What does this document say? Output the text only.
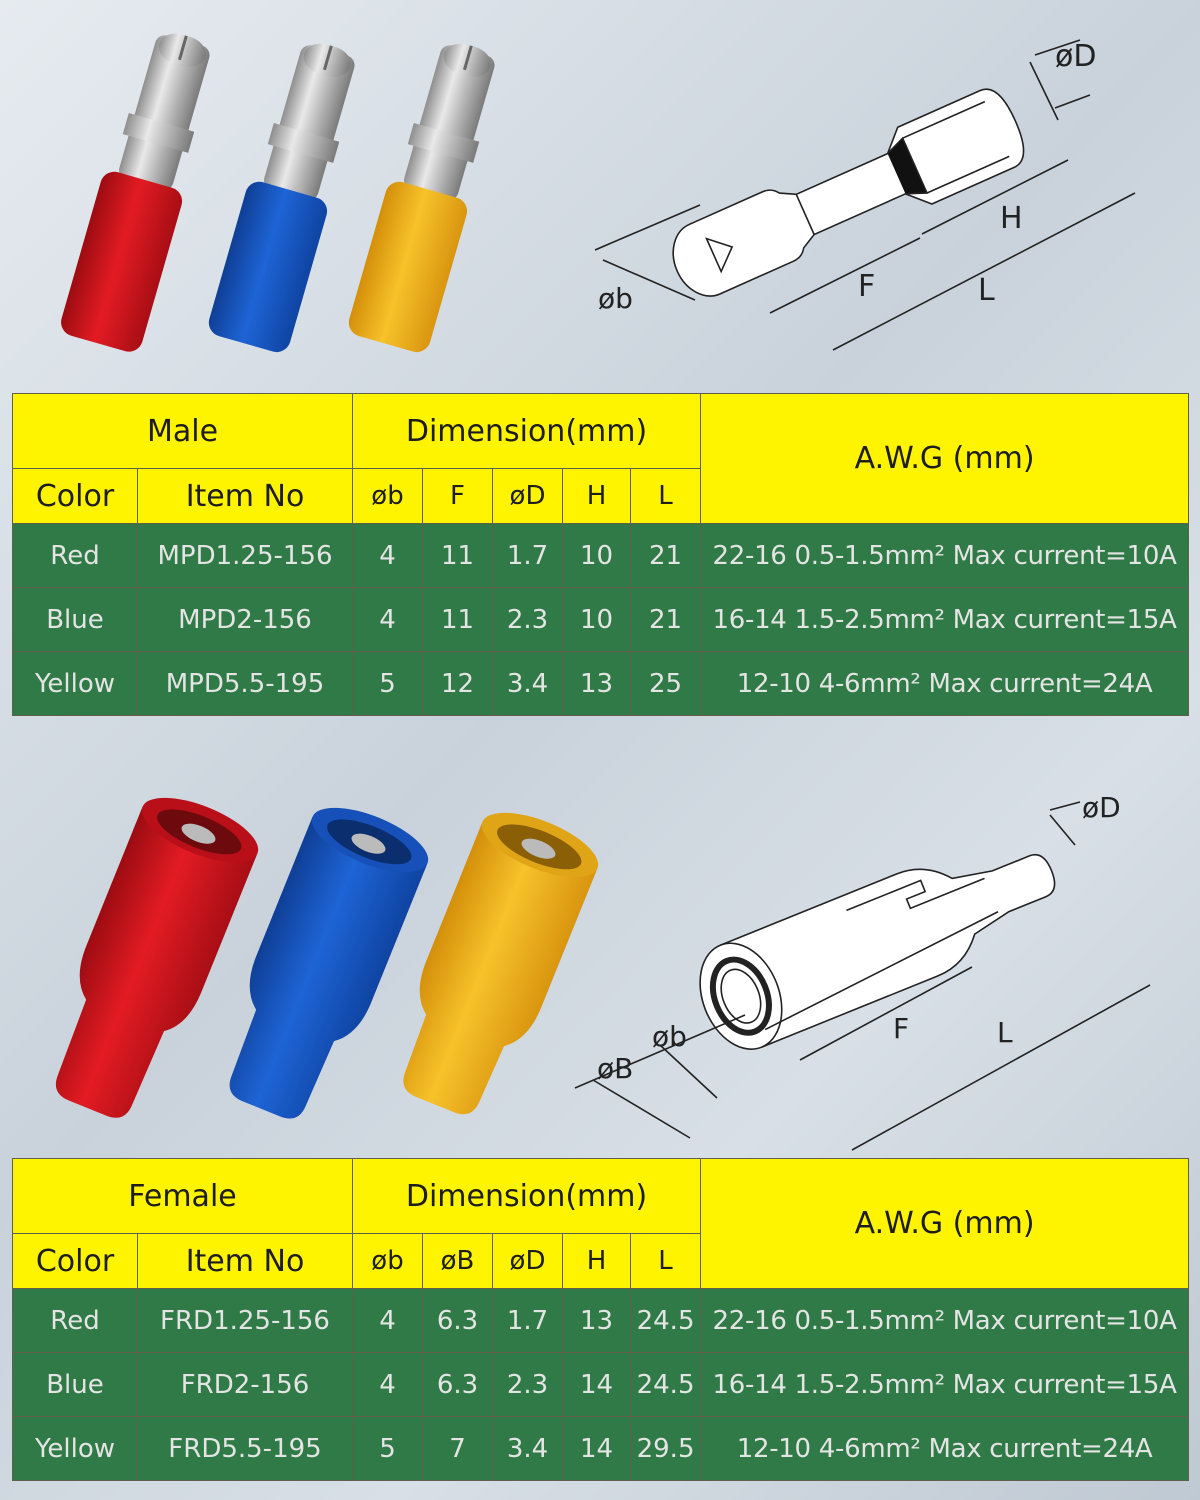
øb	F	L
H
øD
Male		Dimension(mm)					A.W.G (mm)
Color	Item No	øb	F	øD	H	L	
Red	MPD1.25-156	4	11	1.7	10	21	22-16 0.5-1.5mm² Max current=10A
Blue	MPD2-156	4	11	2.3	10	21	16-14 1.5-2.5mm² Max current=15A
Yellow	MPD5.5-195	5	12	3.4	13	25	12-10 4-6mm² Max current=24A
øB
øb	F	L
øD
Female		Dimension(mm)					A.W.G (mm)
Color	Item No	øb	øB	øD	H	L	
Red	FRD1.25-156	4	6.3	1.7	13	24.5	22-16 0.5-1.5mm² Max current=10A
Blue	FRD2-156	4	6.3	2.3	14	24.5	16-14 1.5-2.5mm² Max current=15A
Yellow	FRD5.5-195	5	7	3.4	14	29.5	12-10 4-6mm² Max current=24A
